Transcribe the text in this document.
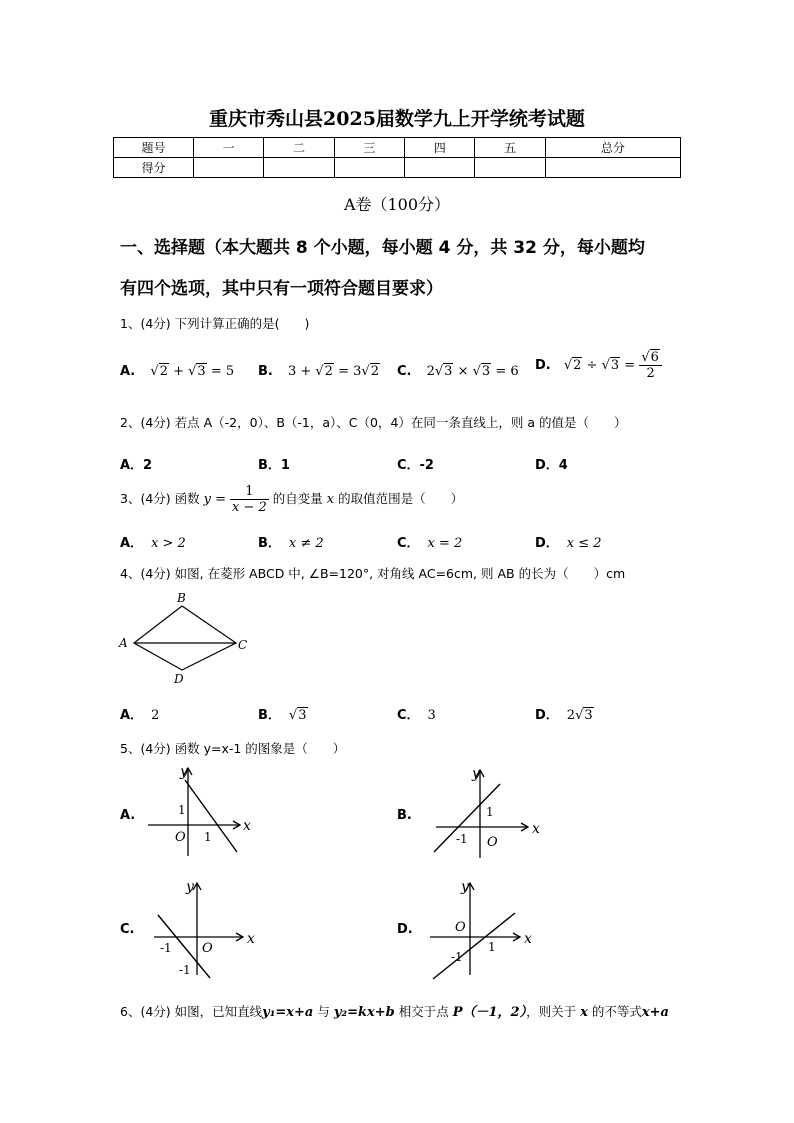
重庆市秀山县2025届数学九上开学统考试题
题号	一	二	三	四	五	总分
得分						
A卷（100分）
一、选择题（本大题共 8 个小题，每小题 4 分，共 32 分，每小题均
有四个选项，其中只有一项符合题目要求）
1、(4分) 下列计算正确的是(　　)
A. √2 + √3 = 5 B. 3 + √2 = 3√2 C. 2√3 × √3 = 6 D. $√2 \div √3 = \frac{√6}{2}$
2、(4分) 若点 A（-2，0）、B（-1，a）、C（0，4）在同一条直线上，则 a 的值是（　　）
A．2	B．1	C．-2	D．4
3、(4分) 函数 $y = \frac{1}{x - 2}$ 的自变量 x 的取值范围是（　　）
A． x > 2	B． x ≠ 2	C． x = 2	D． x ≤ 2
4、(4分) 如图, 在菱形 ABCD 中, ∠B=120°, 对角线 AC=6cm, 则 AB 的长为（　　）cm
A
B
C
D
A． 2	B． √3	C． 3	D． 2√3
5、(4分) 函数 y=x-1 的图象是（　　）
A.
x
y
O
1
1
B.
x
y
O
1
-1
C.
x
y
O
-1
-1
D.
x
y
O
1
-1
6、(4分) 如图，已知直线y₁=x+a 与 y₂=kx+b 相交于点 P（－1，2），则关于 x 的不等式x+a
